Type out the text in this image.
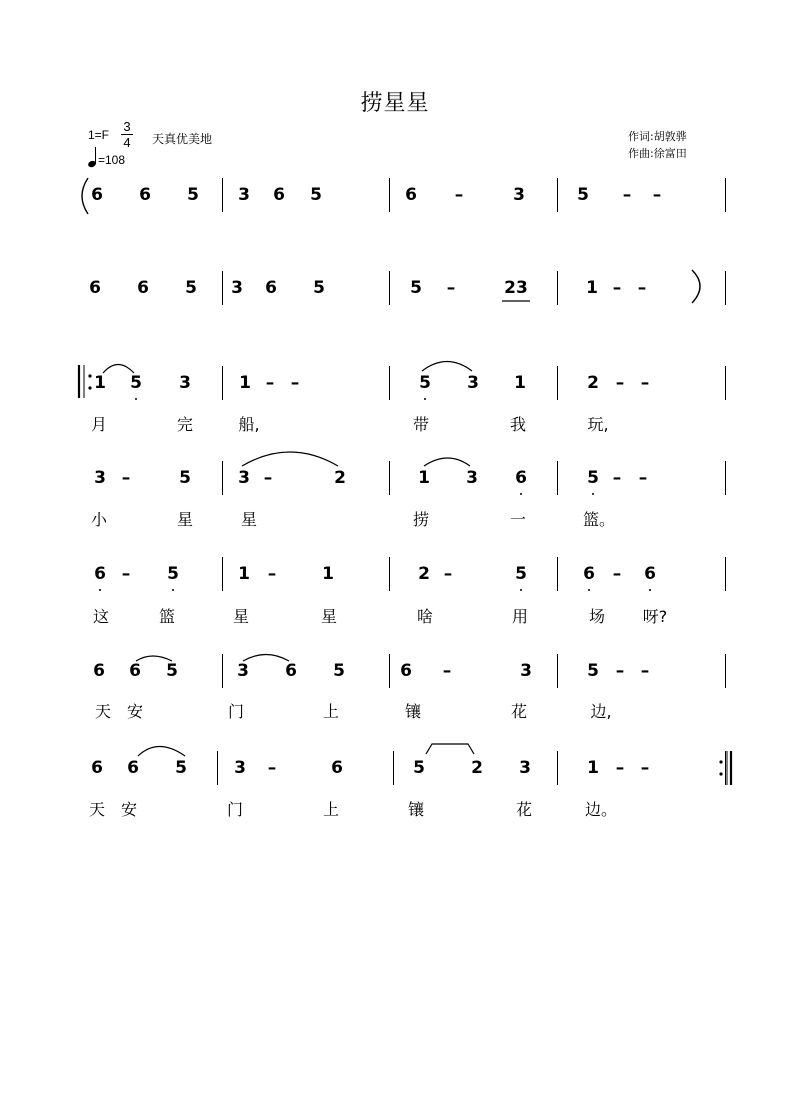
捞星星
1=F
3
4 天真优美地
=108
作词:胡敦骅
作曲:徐富田
6 6 5 3 6 5	6 –	3	5 – –
6 6 5 3 6 5	5 –	23	1 – –
1 5 3	1 – –	5 3 1	2 – –
月	完	船,	带	我	玩,
3 –	5	3 –	2	1 3 6	5 – –
小	星	星	捞	一	篮。
6 – 5	1 –	1	2 –	5	6 – 6
这	篮	星	星	啥	用	场 呀?
6 6 5	3 6 5	6 –	3	5 – –
天 安	门	上	镶	花	边,
6 6 5	3 –	6	5	2 3	1 – –
天 安	门	上	镶	花	边。
